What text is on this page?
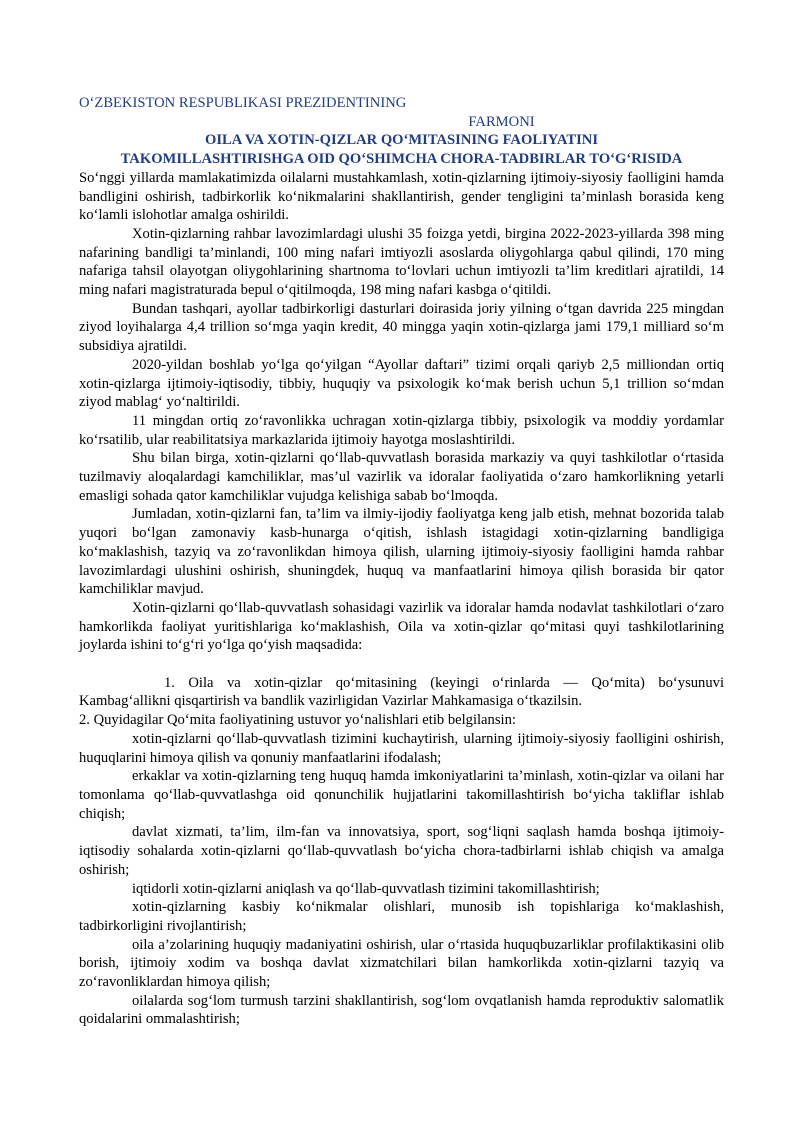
O‘ZBEKISTON RESPUBLIKASI PREZIDENTINING
FARMONI
OILA VA XOTIN-QIZLAR QO‘MITASINING FAOLIYATINI
TAKOMILLASHTIRISHGA OID QO‘SHIMCHA CHORA-TADBIRLAR TO‘G‘RISIDA

So‘nggi yillarda mamlakatimizda oilalarni mustahkamlash, xotin-qizlarning ijtimoiy-siyosiy faolligini hamda bandligini oshirish, tadbirkorlik ko‘nikmalarini shakllantirish, gender tengligini ta’minlash borasida keng ko‘lamli islohotlar amalga oshirildi.

Xotin-qizlarning rahbar lavozimlardagi ulushi 35 foizga yetdi, birgina 2022-2023-yillarda 398 ming nafarining bandligi ta’minlandi, 100 ming nafari imtiyozli asoslarda oliygohlarga qabul qilindi, 170 ming nafariga tahsil olayotgan oliygohlarining shartnoma to‘lovlari uchun imtiyozli ta’lim kreditlari ajratildi, 14 ming nafari magistraturada bepul o‘qitilmoqda, 198 ming nafari kasbga o‘qitildi.

Bundan tashqari, ayollar tadbirkorligi dasturlari doirasida joriy yilning o‘tgan davrida 225 mingdan ziyod loyihalarga 4,4 trillion so‘mga yaqin kredit, 40 mingga yaqin xotin-qizlarga jami 179,1 milliard so‘m subsidiya ajratildi.

2020-yildan boshlab yo‘lga qo‘yilgan “Ayollar daftari” tizimi orqali qariyb 2,5 milliondan ortiq xotin-qizlarga ijtimoiy-iqtisodiy, tibbiy, huquqiy va psixologik ko‘mak berish uchun 5,1 trillion so‘mdan ziyod mablag‘ yo‘naltirildi.

11 mingdan ortiq zo‘ravonlikka uchragan xotin-qizlarga tibbiy, psixologik va moddiy yordamlar ko‘rsatilib, ular reabilitatsiya markazlarida ijtimoiy hayotga moslashtirildi.

Shu bilan birga, xotin-qizlarni qo‘llab-quvvatlash borasida markaziy va quyi tashkilotlar o‘rtasida tuzilmaviy aloqalardagi kamchiliklar, mas’ul vazirlik va idoralar faoliyatida o‘zaro hamkorlikning yetarli emasligi sohada qator kamchiliklar vujudga kelishiga sabab bo‘lmoqda.

Jumladan, xotin-qizlarni fan, ta’lim va ilmiy-ijodiy faoliyatga keng jalb etish, mehnat bozorida talab yuqori bo‘lgan zamonaviy kasb-hunarga o‘qitish, ishlash istagidagi xotin-qizlarning bandligiga ko‘maklashish, tazyiq va zo‘ravonlikdan himoya qilish, ularning ijtimoiy-siyosiy faolligini hamda rahbar lavozimlardagi ulushini oshirish, shuningdek, huquq va manfaatlarini himoya qilish borasida bir qator kamchiliklar mavjud.

Xotin-qizlarni qo‘llab-quvvatlash sohasidagi vazirlik va idoralar hamda nodavlat tashkilotlari o‘zaro hamkorlikda faoliyat yuritishlariga ko‘maklashish, Oila va xotin-qizlar qo‘mitasi quyi tashkilotlarining joylarda ishini to‘g‘ri yo‘lga qo‘yish maqsadida:

1. Oila va xotin-qizlar qo‘mitasining (keyingi o‘rinlarda — Qo‘mita) bo‘ysunuvi Kambag‘allikni qisqartirish va bandlik vazirligidan Vazirlar Mahkamasiga o‘tkazilsin.

2. Quyidagilar Qo‘mita faoliyatining ustuvor yo‘nalishlari etib belgilansin:

xotin-qizlarni qo‘llab-quvvatlash tizimini kuchaytirish, ularning ijtimoiy-siyosiy faolligini oshirish, huquqlarini himoya qilish va qonuniy manfaatlarini ifodalash;

erkaklar va xotin-qizlarning teng huquq hamda imkoniyatlarini ta’minlash, xotin-qizlar va oilani har tomonlama qo‘llab-quvvatlashga oid qonunchilik hujjatlarini takomillashtirish bo‘yicha takliflar ishlab chiqish;

davlat xizmati, ta’lim, ilm-fan va innovatsiya, sport, sog‘liqni saqlash hamda boshqa ijtimoiy-iqtisodiy sohalarda xotin-qizlarni qo‘llab-quvvatlash bo‘yicha chora-tadbirlarni ishlab chiqish va amalga oshirish;

iqtidorli xotin-qizlarni aniqlash va qo‘llab-quvvatlash tizimini takomillashtirish;

xotin-qizlarning kasbiy ko‘nikmalar olishlari, munosib ish topishlariga ko‘maklashish, tadbirkorligini rivojlantirish;

oila a’zolarining huquqiy madaniyatini oshirish, ular o‘rtasida huquqbuzarliklar profilaktikasini olib borish, ijtimoiy xodim va boshqa davlat xizmatchilari bilan hamkorlikda xotin-qizlarni tazyiq va zo‘ravonliklardan himoya qilish;

oilalarda sog‘lom turmush tarzini shakllantirish, sog‘lom ovqatlanish hamda reproduktiv salomatlik qoidalarini ommalashtirish;
